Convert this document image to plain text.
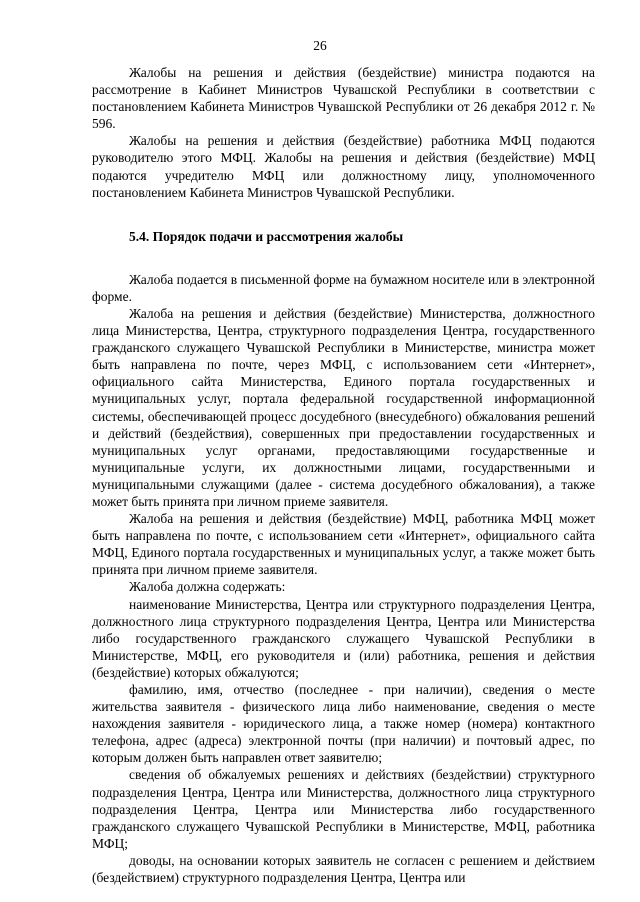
26

Жалобы на решения и действия (бездействие) министра подаются на рассмотрение в Кабинет Министров Чувашской Республики в соответствии с постановлением Кабинета Министров Чувашской Республики от 26 декабря 2012 г. № 596.

Жалобы на решения и действия (бездействие) работника МФЦ подаются руководителю этого МФЦ. Жалобы на решения и действия (бездействие) МФЦ подаются учредителю МФЦ или должностному лицу, уполномоченного постановлением Кабинета Министров Чувашской Республики.

5.4. Порядок подачи и рассмотрения жалобы

Жалоба подается в письменной форме на бумажном носителе или в электронной форме.

Жалоба на решения и действия (бездействие) Министерства, должностного лица Министерства, Центра, структурного подразделения Центра, государственного гражданского служащего Чувашской Республики в Министерстве, министра может быть направлена по почте, через МФЦ, с использованием сети «Интернет», официального сайта Министерства, Единого портала государственных и муниципальных услуг, портала федеральной государственной информационной системы, обеспечивающей процесс досудебного (внесудебного) обжалования решений и действий (бездействия), совершенных при предоставлении государственных и муниципальных услуг органами, предоставляющими государственные и муниципальные услуги, их должностными лицами, государственными и муниципальными служащими (далее - система досудебного обжалования), а также может быть принята при личном приеме заявителя.

Жалоба на решения и действия (бездействие) МФЦ, работника МФЦ может быть направлена по почте, с использованием сети «Интернет», официального сайта МФЦ, Единого портала государственных и муниципальных услуг, а также может быть принята при личном приеме заявителя.

Жалоба должна содержать:

наименование Министерства, Центра или структурного подразделения Центра, должностного лица структурного подразделения Центра, Центра или Министерства либо государственного гражданского служащего Чувашской Республики в Министерстве, МФЦ, его руководителя и (или) работника, решения и действия (бездействие) которых обжалуются;

фамилию, имя, отчество (последнее - при наличии), сведения о месте жительства заявителя - физического лица либо наименование, сведения о месте нахождения заявителя - юридического лица, а также номер (номера) контактного телефона, адрес (адреса) электронной почты (при наличии) и почтовый адрес, по которым должен быть направлен ответ заявителю;

сведения об обжалуемых решениях и действиях (бездействии) структурного подразделения Центра, Центра или Министерства, должностного лица структурного подразделения Центра, Центра или Министерства либо государственного гражданского служащего Чувашской Республики в Министерстве, МФЦ, работника МФЦ;

доводы, на основании которых заявитель не согласен с решением и действием (бездействием) структурного подразделения Центра, Центра или
